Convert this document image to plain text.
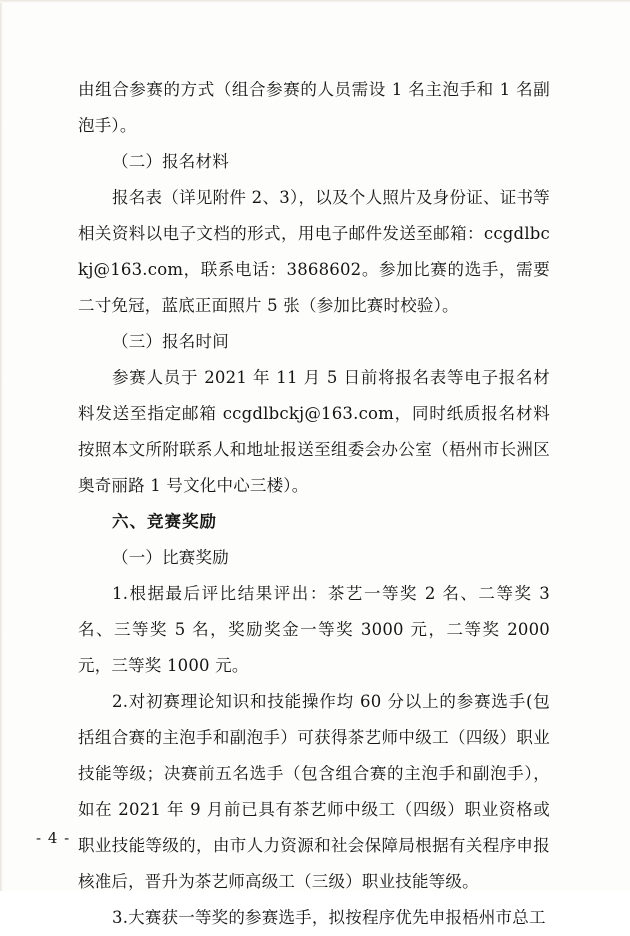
由组合参赛的方式（组合参赛的人员需设 1 名主泡手和 1 名副泡手）。

（二）报名材料

报名表（详见附件 2、3），以及个人照片及身份证、证书等相关资料以电子文档的形式，用电子邮件发送至邮箱：ccgdlbckj@163.com，联系电话：3868602。参加比赛的选手，需要二寸免冠，蓝底正面照片 5 张（参加比赛时校验）。

（三）报名时间

参赛人员于 2021 年 11 月 5 日前将报名表等电子报名材料发送至指定邮箱 ccgdlbckj@163.com，同时纸质报名材料按照本文所附联系人和地址报送至组委会办公室（梧州市长洲区奥奇丽路 1 号文化中心三楼）。

六、竞赛奖励

（一）比赛奖励

1.根据最后评比结果评出：茶艺一等奖 2 名、二等奖 3 名、三等奖 5 名，奖励奖金一等奖 3000 元，二等奖 2000 元，三等奖 1000 元。

2.对初赛理论知识和技能操作均 60 分以上的参赛选手(包括组合赛的主泡手和副泡手）可获得茶艺师中级工（四级）职业技能等级；决赛前五名选手（包含组合赛的主泡手和副泡手），如在 2021 年 9 月前已具有茶艺师中级工（四级）职业资格或职业技能等级的，由市人力资源和社会保障局根据有关程序申报核准后，晋升为茶艺师高级工（三级）职业技能等级。

3.大赛获一等奖的参赛选手，拟按程序优先申报梧州市总工

- 4 -
